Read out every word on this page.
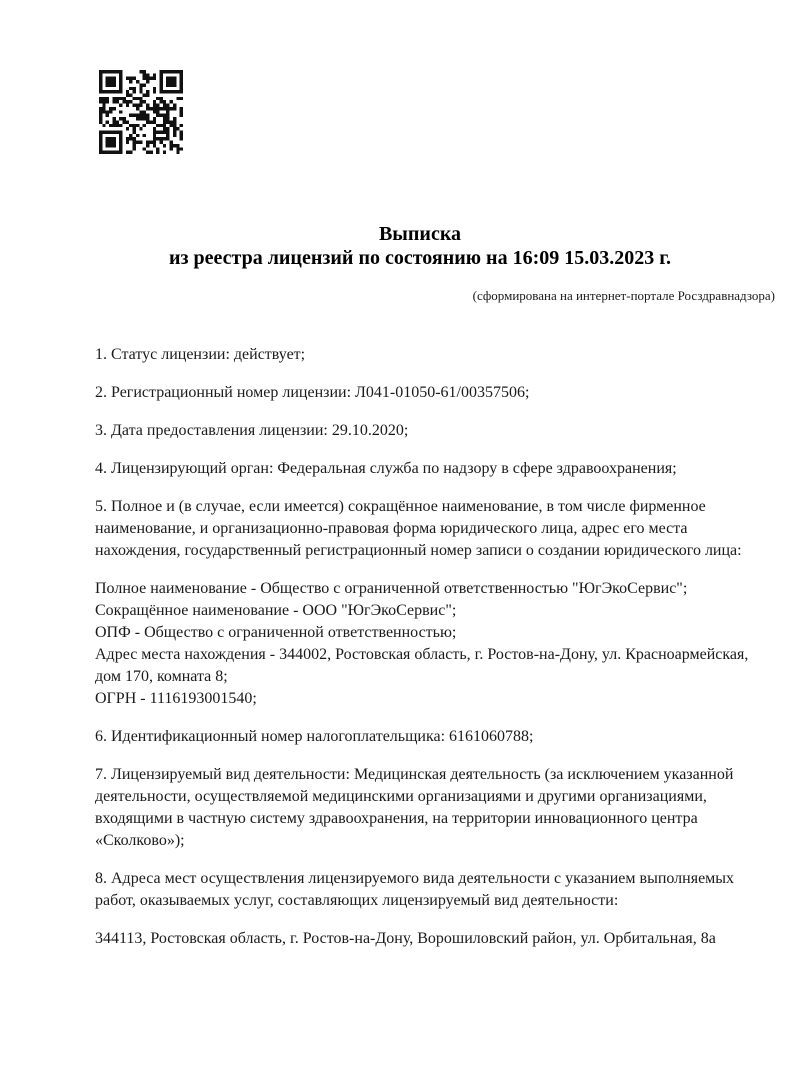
Выписка
из реестра лицензий по состоянию на 16:09 15.03.2023 г.
(сформирована на интернет-портале Росздравнадзора)
1. Статус лицензии: действует;
2. Регистрационный номер лицензии: Л041-01050-61/00357506;
3. Дата предоставления лицензии: 29.10.2020;
4. Лицензирующий орган: Федеральная служба по надзору в сфере здравоохранения;
5. Полное и (в случае, если имеется) сокращённое наименование, в том числе фирменное наименование, и организационно-правовая форма юридического лица, адрес его места нахождения, государственный регистрационный номер записи о создании юридического лица:
Полное наименование - Общество с ограниченной ответственностью "ЮгЭкоСервис";
Сокращённое наименование - ООО "ЮгЭкоСервис";
ОПФ - Общество с ограниченной ответственностью;
Адрес места нахождения - 344002, Ростовская область, г. Ростов-на-Дону, ул. Красноармейская,
дом 170, комната 8;
ОГРН - 1116193001540;
6. Идентификационный номер налогоплательщика: 6161060788;
7. Лицензируемый вид деятельности: Медицинская деятельность (за исключением указанной деятельности, осуществляемой медицинскими организациями и другими организациями, входящими в частную систему здравоохранения, на территории инновационного центра «Сколково»);
8. Адреса мест осуществления лицензируемого вида деятельности с указанием выполняемых работ, оказываемых услуг, составляющих лицензируемый вид деятельности:
344113, Ростовская область, г. Ростов-на-Дону, Ворошиловский район, ул. Орбитальная, 8а
